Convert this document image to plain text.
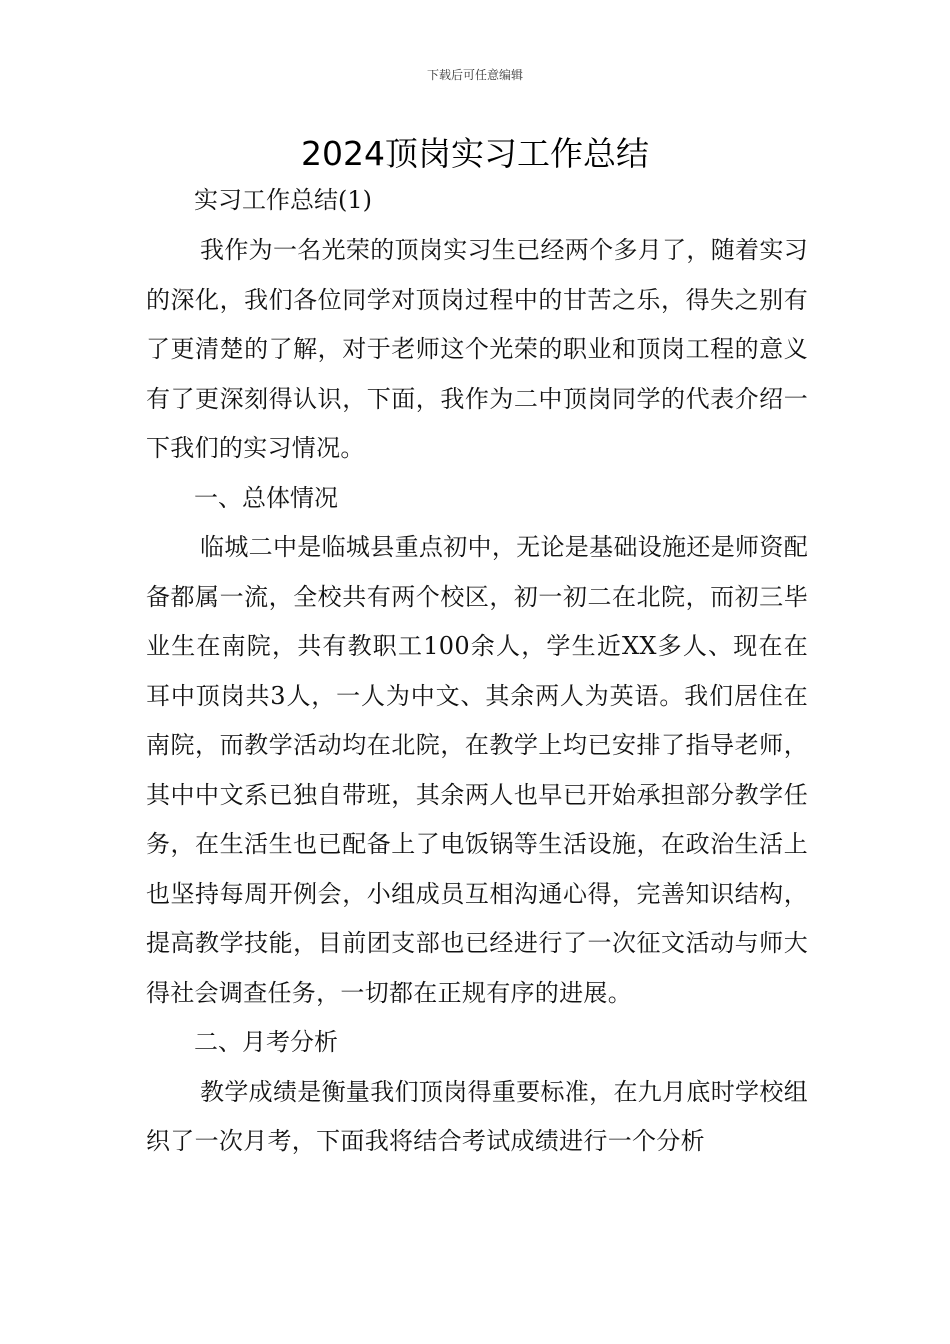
下载后可任意编辑
2024顶岗实习工作总结

实习工作总结(1)

我作为一名光荣的顶岗实习生已经两个多月了，随着实习的深化，我们各位同学对顶岗过程中的甘苦之乐，得失之别有了更清楚的了解，对于老师这个光荣的职业和顶岗工程的意义有了更深刻得认识，下面，我作为二中顶岗同学的代表介绍一下我们的实习情况。

一、总体情况

临城二中是临城县重点初中，无论是基础设施还是师资配备都属一流，全校共有两个校区，初一初二在北院，而初三毕业生在南院，共有教职工100余人，学生近XX多人、现在在耳中顶岗共3人，一人为中文、其余两人为英语。我们居住在南院，而教学活动均在北院，在教学上均已安排了指导老师，其中中文系已独自带班，其余两人也早已开始承担部分教学任务，在生活生也已配备上了电饭锅等生活设施，在政治生活上也坚持每周开例会，小组成员互相沟通心得，完善知识结构，提高教学技能，目前团支部也已经进行了一次征文活动与师大得社会调查任务，一切都在正规有序的进展。

二、月考分析

教学成绩是衡量我们顶岗得重要标准，在九月底时学校组织了一次月考，下面我将结合考试成绩进行一个分析
